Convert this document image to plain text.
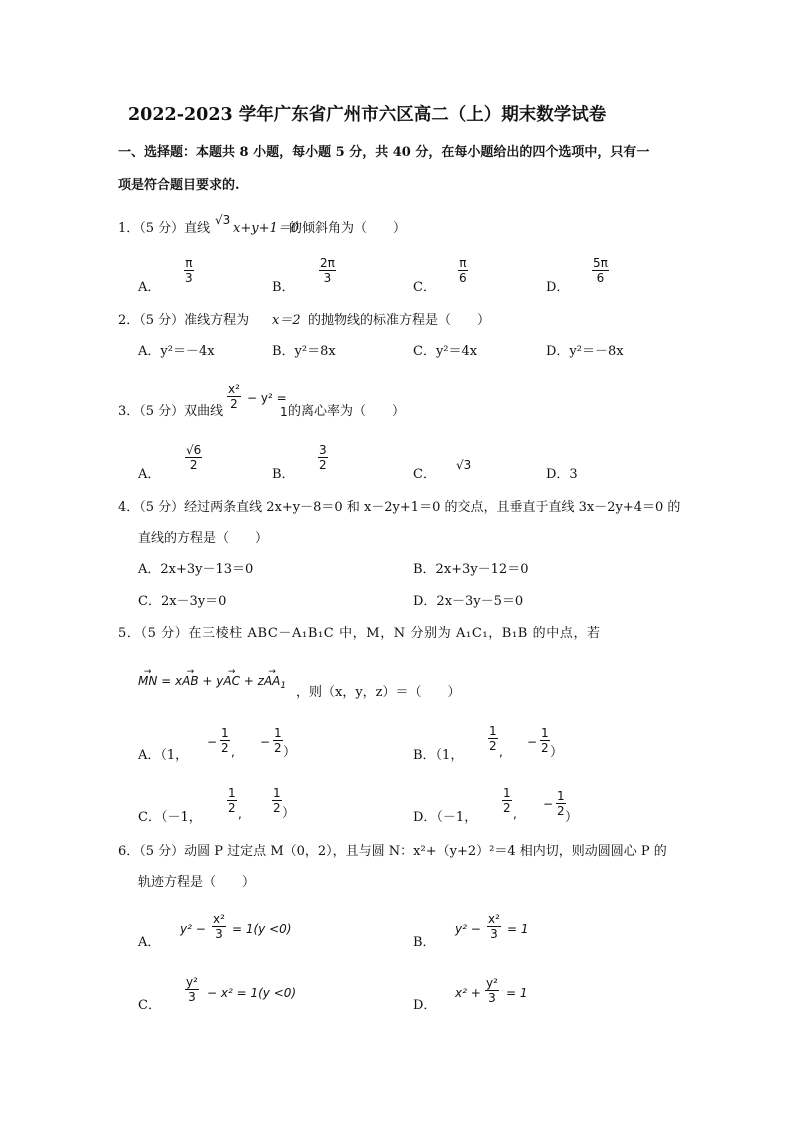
2022-2023 学年广东省广州市六区高二（上）期末数学试卷
一、选择题：本题共 8 小题，每小题 5 分，共 40 分，在每小题给出的四个选项中，只有一
项是符合题目要求的.
1．（5 分）直线
√3
x+y+1＝0
的倾斜角为（　　）
A．
$\frac{\pi}{3}$
B．
$\frac{2\pi}{3}$
C．
$\frac{\pi}{6}$
D．
$\frac{5\pi}{6}$
2．（5 分）准线方程为 x＝2 的抛物线的标准方程是（　　）
A．y²＝－4x	B．y²＝8x	C．y²＝4x	D．y²＝－8x
3．（5 分）双曲线
$\frac{\text{x²}}{2} - y^2$ =
1 的离心率为（　　）
A．
$\frac{√6}{2}$
B．
$\frac{3}{2}$
C．
√3
D．3
4．（5 分）经过两条直线 2x+y－8＝0 和 x－2y+1＝0 的交点，且垂直于直线 3x－2y+4＝0 的
直线的方程是（　　）
A．2x+3y－13＝0	B．2x+3y－12＝0
C．2x－3y＝0	D．2x－3y－5＝0
5．（5 分）在三棱柱 ABC－A₁B₁C 中，M，N 分别为 A₁C₁，B₁B 的中点，若
→ MN = x→ AB + y→ AC + $z\to AA_1$ ，则（x，y，z）＝（　　）
A．（1，
− $\frac{1}{2}$ ,
− $\frac{1}{2}$ ）	B．（1，
$\frac{1}{2}$ ,
− $\frac{1}{2}$ ）
C．（－1，
$\frac{1}{2}$ ,	$\frac{1}{2}$ ）	D．（－1，
$\frac{1}{2}$ ,
− $\frac{1}{2}$ ）
6．（5 分）动圆 P 过定点 M（0，2），且与圆 N：x²+（y+2）²＝4 相内切，则动圆圆心 P 的
轨迹方程是（　　）
A．
$y^2 - \frac{\text{x²}}{3} = 1(y <0)$
B．
$y^2 - \frac{\text{x²}}{3} = 1$
C．
$\frac{\text{y²}}{3} - x^2 = 1(y <0)$
D．
$x^2 + \frac{\text{y²}}{3} = 1$
